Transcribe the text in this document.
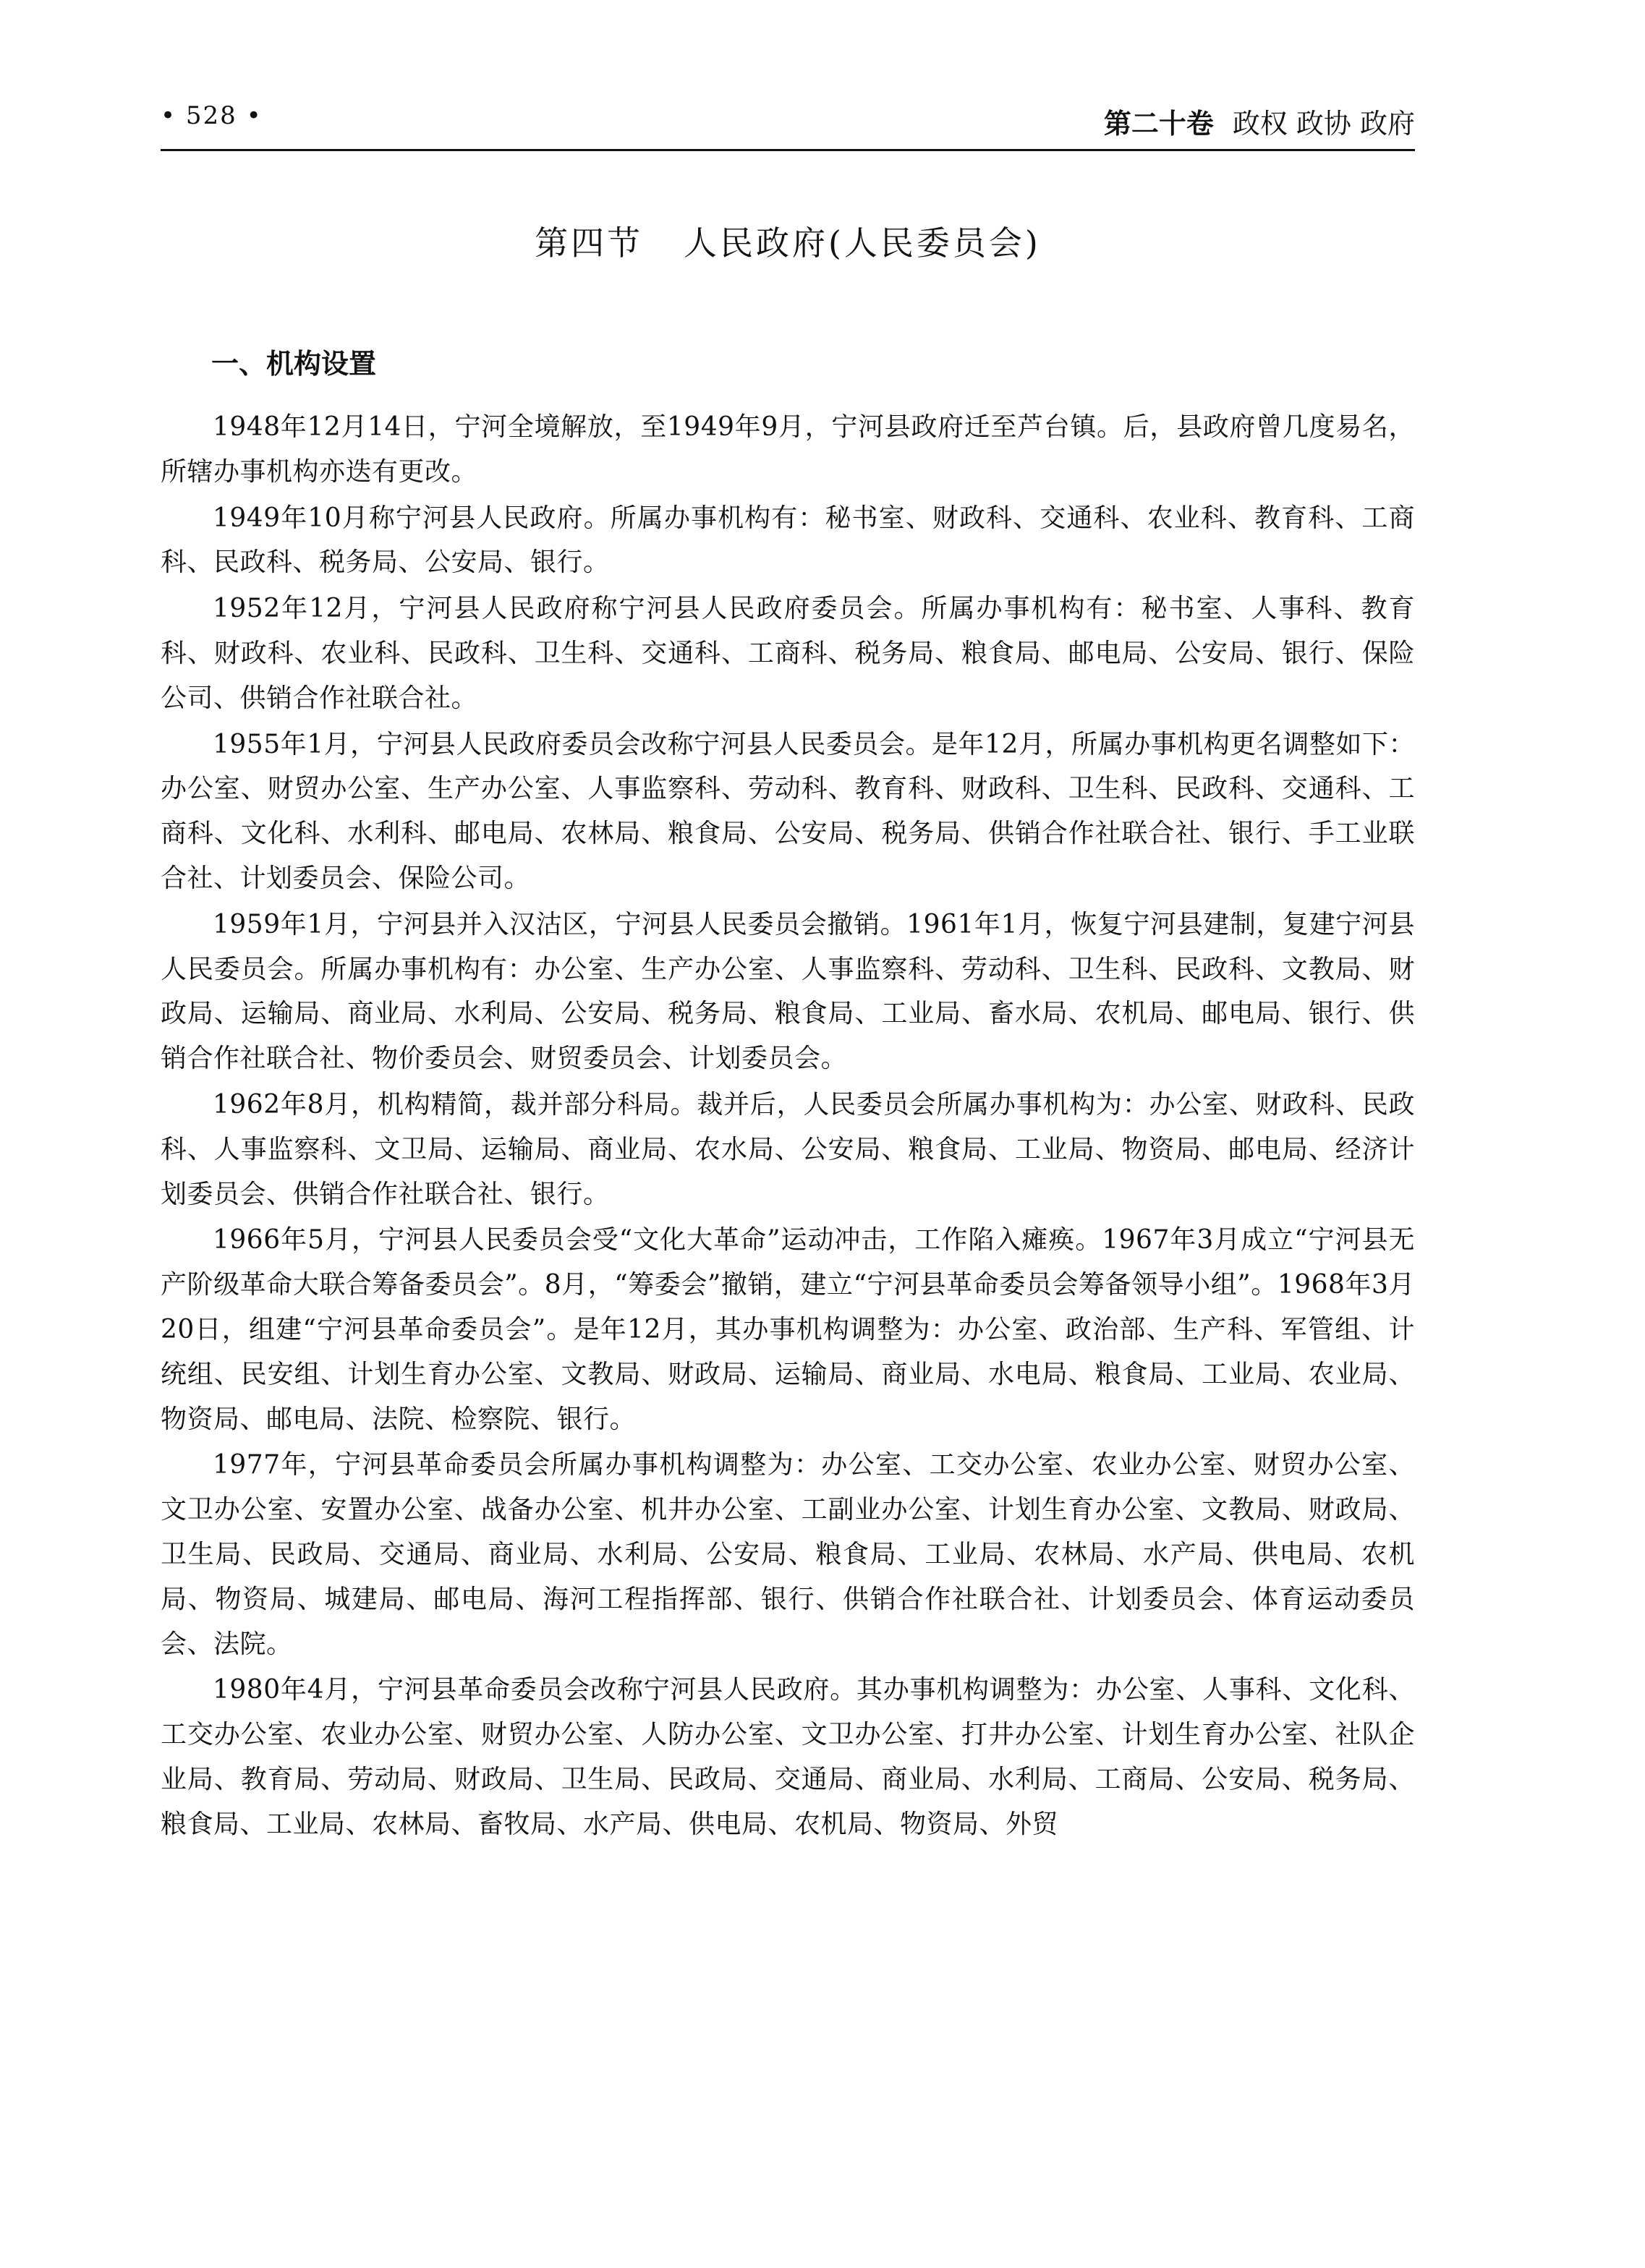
• 528 •	第二十卷 政权 政协 政府
第四节   人民政府(人民委员会)
一、机构设置

1948年12月14日，宁河全境解放，至1949年9月，宁河县政府迁至芦台镇。后，县政府曾几度易名，所辖办事机构亦迭有更改。

1949年10月称宁河县人民政府。所属办事机构有：秘书室、财政科、交通科、农业科、教育科、工商科、民政科、税务局、公安局、银行。

1952年12月，宁河县人民政府称宁河县人民政府委员会。所属办事机构有：秘书室、人事科、教育科、财政科、农业科、民政科、卫生科、交通科、工商科、税务局、粮食局、邮电局、公安局、银行、保险公司、供销合作社联合社。

1955年1月，宁河县人民政府委员会改称宁河县人民委员会。是年12月，所属办事机构更名调整如下：办公室、财贸办公室、生产办公室、人事监察科、劳动科、教育科、财政科、卫生科、民政科、交通科、工商科、文化科、水利科、邮电局、农林局、粮食局、公安局、税务局、供销合作社联合社、银行、手工业联合社、计划委员会、保险公司。

1959年1月，宁河县并入汉沽区，宁河县人民委员会撤销。1961年1月，恢复宁河县建制，复建宁河县人民委员会。所属办事机构有：办公室、生产办公室、人事监察科、劳动科、卫生科、民政科、文教局、财政局、运输局、商业局、水利局、公安局、税务局、粮食局、工业局、畜水局、农机局、邮电局、银行、供销合作社联合社、物价委员会、财贸委员会、计划委员会。

1962年8月，机构精简，裁并部分科局。裁并后，人民委员会所属办事机构为：办公室、财政科、民政科、人事监察科、文卫局、运输局、商业局、农水局、公安局、粮食局、工业局、物资局、邮电局、经济计划委员会、供销合作社联合社、银行。

1966年5月，宁河县人民委员会受“文化大革命”运动冲击，工作陷入瘫痪。1967年3月成立“宁河县无产阶级革命大联合筹备委员会”。8月，“筹委会”撤销，建立“宁河县革命委员会筹备领导小组”。1968年3月20日，组建“宁河县革命委员会”。是年12月，其办事机构调整为：办公室、政治部、生产科、军管组、计统组、民安组、计划生育办公室、文教局、财政局、运输局、商业局、水电局、粮食局、工业局、农业局、物资局、邮电局、法院、检察院、银行。

1977年，宁河县革命委员会所属办事机构调整为：办公室、工交办公室、农业办公室、财贸办公室、文卫办公室、安置办公室、战备办公室、机井办公室、工副业办公室、计划生育办公室、文教局、财政局、卫生局、民政局、交通局、商业局、水利局、公安局、粮食局、工业局、农林局、水产局、供电局、农机局、物资局、城建局、邮电局、海河工程指挥部、银行、供销合作社联合社、计划委员会、体育运动委员会、法院。

1980年4月，宁河县革命委员会改称宁河县人民政府。其办事机构调整为：办公室、人事科、文化科、工交办公室、农业办公室、财贸办公室、人防办公室、文卫办公室、打井办公室、计划生育办公室、社队企业局、教育局、劳动局、财政局、卫生局、民政局、交通局、商业局、水利局、工商局、公安局、税务局、粮食局、工业局、农林局、畜牧局、水产局、供电局、农机局、物资局、外贸
